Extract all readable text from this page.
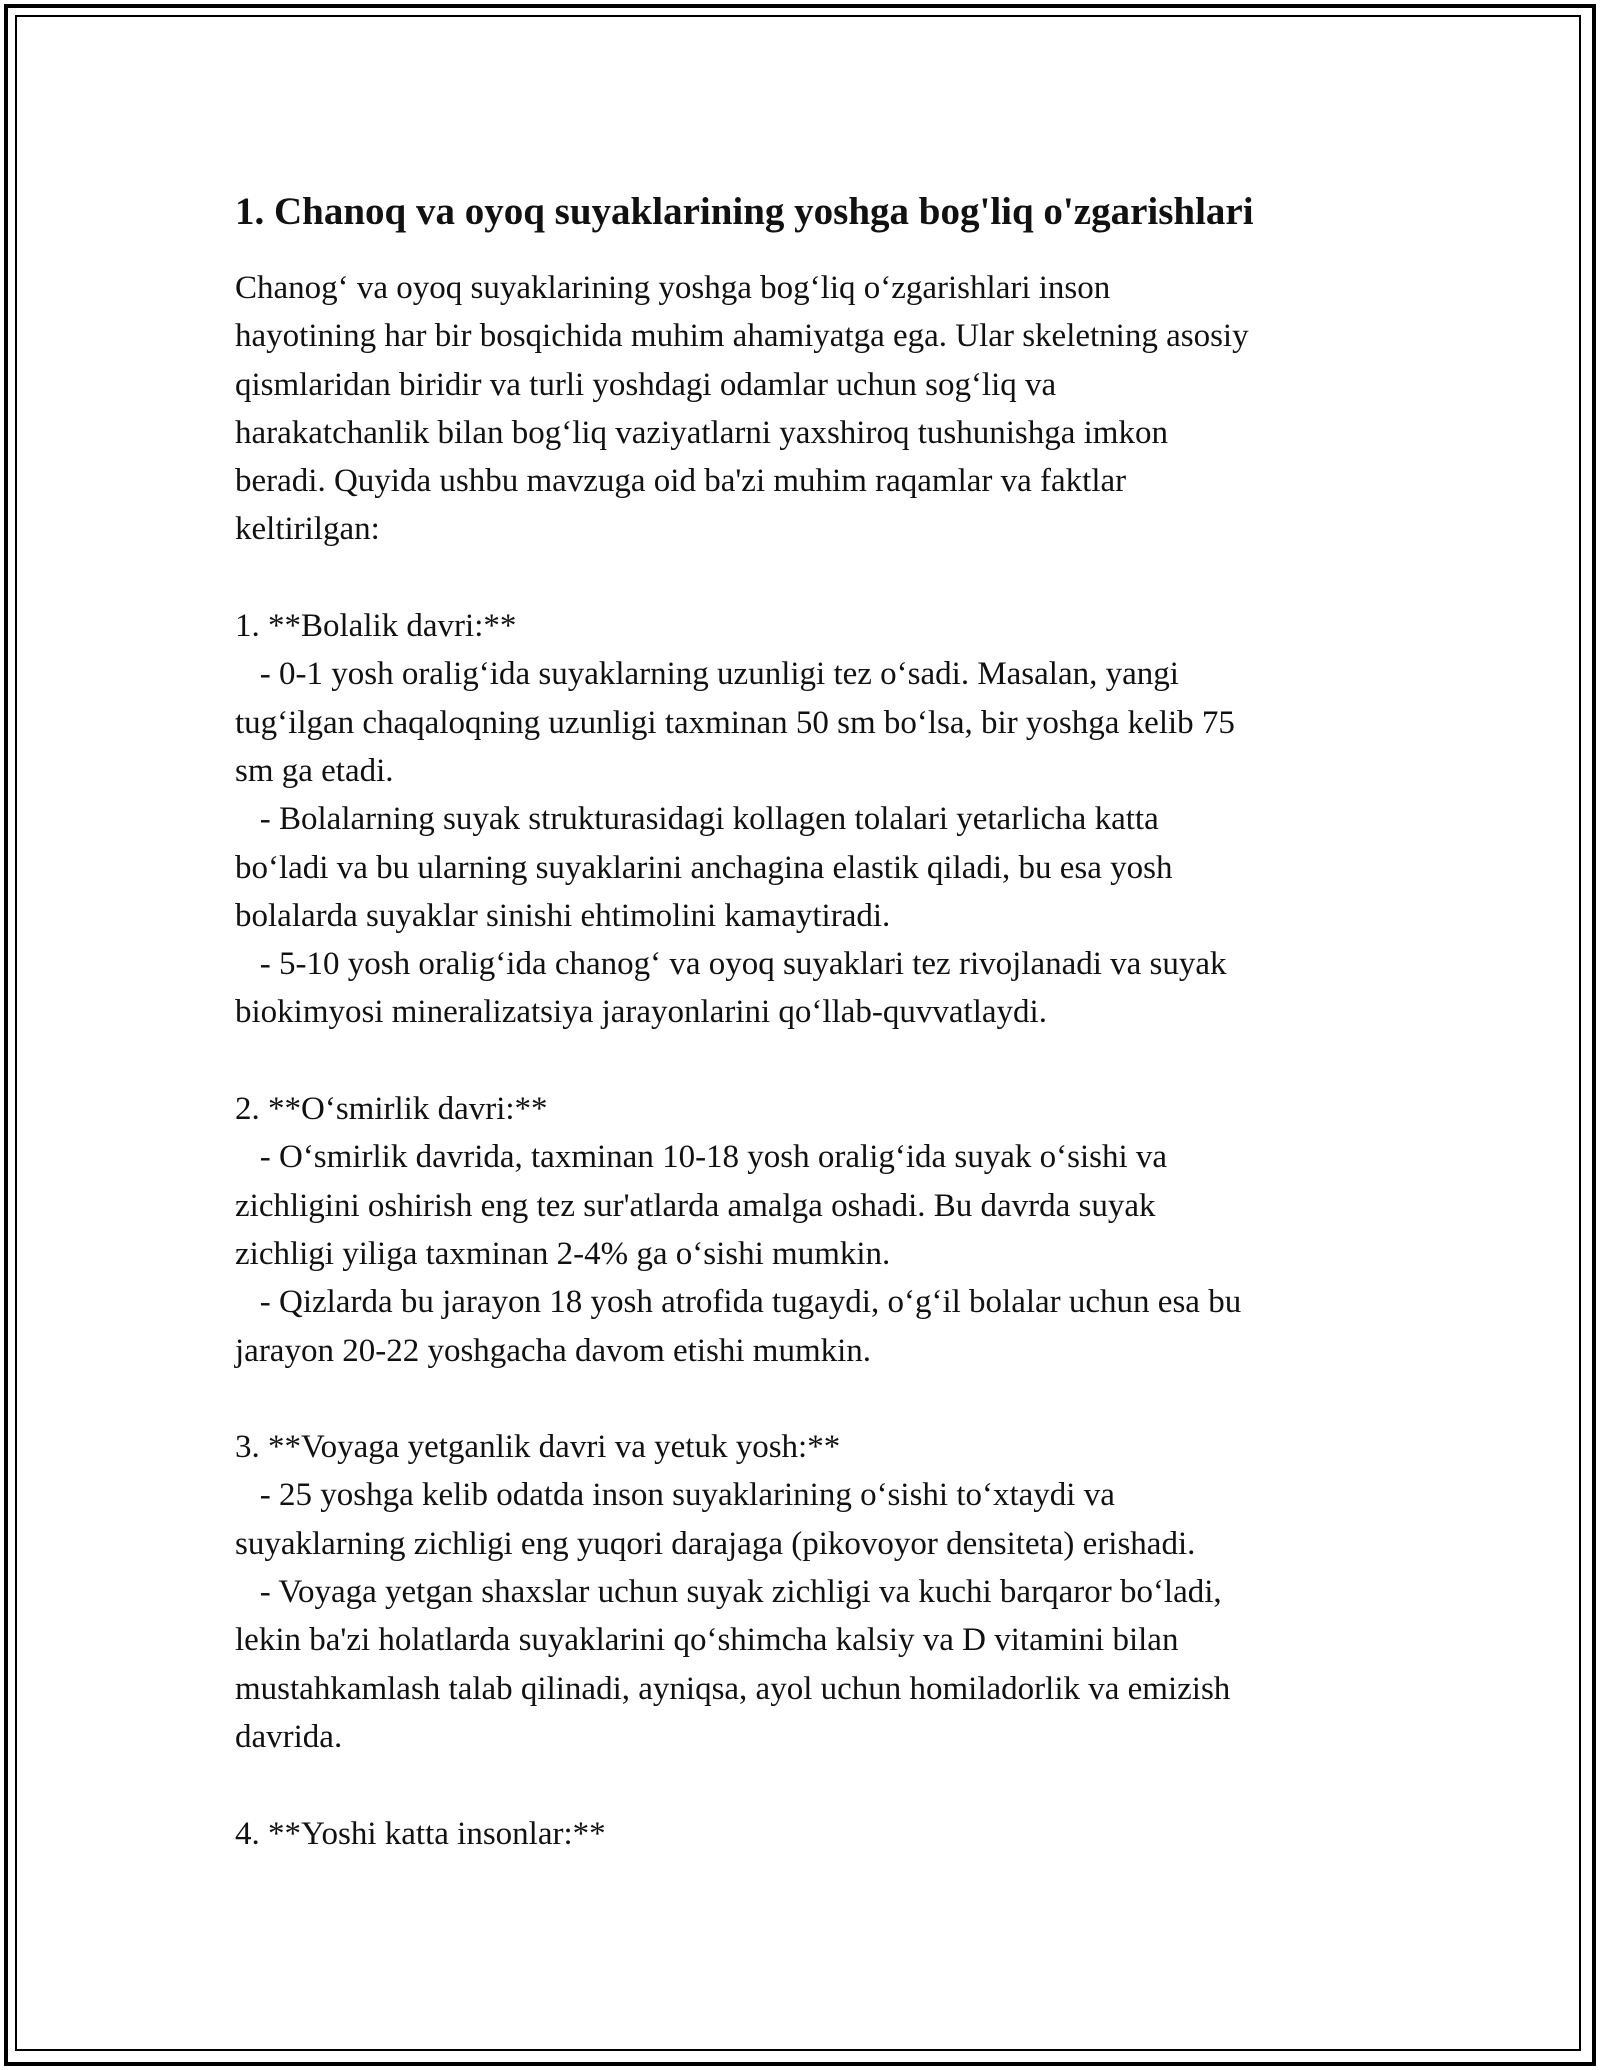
1. Chanoq va oyoq suyaklarining yoshga bog'liq o'zgarishlari

Chanog‘ va oyoq suyaklarining yoshga bog‘liq o‘zgarishlari inson

hayotining har bir bosqichida muhim ahamiyatga ega. Ular skeletning asosiy

qismlaridan biridir va turli yoshdagi odamlar uchun sog‘liq va

harakatchanlik bilan bog‘liq vaziyatlarni yaxshiroq tushunishga imkon

beradi. Quyida ushbu mavzuga oid ba'zi muhim raqamlar va faktlar

keltirilgan:

1. **Bolalik davri:**

- 0-1 yosh oralig‘ida suyaklarning uzunligi tez o‘sadi. Masalan, yangi

tug‘ilgan chaqaloqning uzunligi taxminan 50 sm bo‘lsa, bir yoshga kelib 75

sm ga etadi.

- Bolalarning suyak strukturasidagi kollagen tolalari yetarlicha katta

bo‘ladi va bu ularning suyaklarini anchagina elastik qiladi, bu esa yosh

bolalarda suyaklar sinishi ehtimolini kamaytiradi.

- 5-10 yosh oralig‘ida chanog‘ va oyoq suyaklari tez rivojlanadi va suyak

biokimyosi mineralizatsiya jarayonlarini qo‘llab-quvvatlaydi.

2. **O‘smirlik davri:**

- O‘smirlik davrida, taxminan 10-18 yosh oralig‘ida suyak o‘sishi va

zichligini oshirish eng tez sur'atlarda amalga oshadi. Bu davrda suyak

zichligi yiliga taxminan 2-4% ga o‘sishi mumkin.

- Qizlarda bu jarayon 18 yosh atrofida tugaydi, o‘g‘il bolalar uchun esa bu

jarayon 20-22 yoshgacha davom etishi mumkin.

3. **Voyaga yetganlik davri va yetuk yosh:**

- 25 yoshga kelib odatda inson suyaklarining o‘sishi to‘xtaydi va

suyaklarning zichligi eng yuqori darajaga (pikovoyor densiteta) erishadi.

- Voyaga yetgan shaxslar uchun suyak zichligi va kuchi barqaror bo‘ladi,

lekin ba'zi holatlarda suyaklarini qo‘shimcha kalsiy va D vitamini bilan

mustahkamlash talab qilinadi, ayniqsa, ayol uchun homiladorlik va emizish

davrida.

4. **Yoshi katta insonlar:**
